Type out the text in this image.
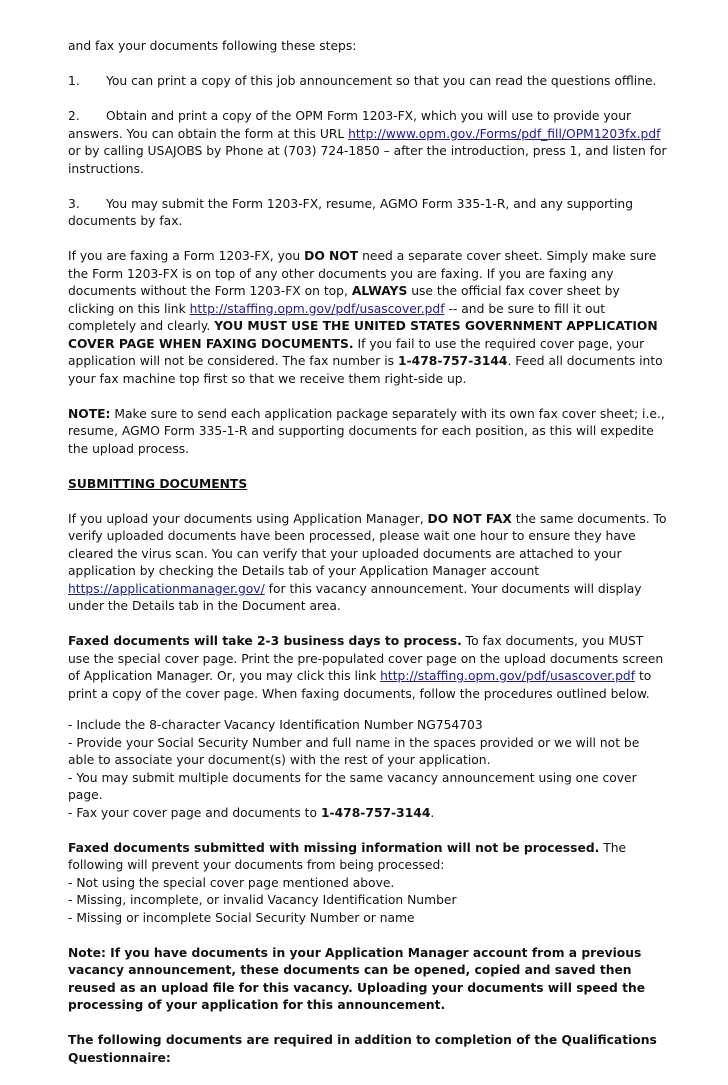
and fax your documents following these steps:

1. You can print a copy of this job announcement so that you can read the questions offline.

2. Obtain and print a copy of the OPM Form 1203-FX, which you will use to provide your answers. You can obtain the form at this URL http://www.opm.gov./Forms/pdf_fill/OPM1203fx.pdf or by calling USAJOBS by Phone at (703) 724-1850 – after the introduction, press 1, and listen for instructions.

3. You may submit the Form 1203-FX, resume, AGMO Form 335-1-R, and any supporting documents by fax.

If you are faxing a Form 1203-FX, you DO NOT need a separate cover sheet. Simply make sure the Form 1203-FX is on top of any other documents you are faxing. If you are faxing any documents without the Form 1203-FX on top, ALWAYS use the official fax cover sheet by clicking on this link http://staffing.opm.gov/pdf/usascover.pdf -- and be sure to fill it out completely and clearly. YOU MUST USE THE UNITED STATES GOVERNMENT APPLICATION COVER PAGE WHEN FAXING DOCUMENTS. If you fail to use the required cover page, your application will not be considered. The fax number is 1-478-757-3144. Feed all documents into your fax machine top first so that we receive them right-side up.

NOTE: Make sure to send each application package separately with its own fax cover sheet; i.e., resume, AGMO Form 335-1-R and supporting documents for each position, as this will expedite the upload process.

SUBMITTING DOCUMENTS

If you upload your documents using Application Manager, DO NOT FAX the same documents. To verify uploaded documents have been processed, please wait one hour to ensure they have cleared the virus scan. You can verify that your uploaded documents are attached to your application by checking the Details tab of your Application Manager account https://applicationmanager.gov/ for this vacancy announcement. Your documents will display under the Details tab in the Document area.

Faxed documents will take 2-3 business days to process. To fax documents, you MUST use the special cover page. Print the pre-populated cover page on the upload documents screen of Application Manager. Or, you may click this link http://staffing.opm.gov/pdf/usascover.pdf to print a copy of the cover page. When faxing documents, follow the procedures outlined below.

- Include the 8-character Vacancy Identification Number NG754703
- Provide your Social Security Number and full name in the spaces provided or we will not be able to associate your document(s) with the rest of your application.
- You may submit multiple documents for the same vacancy announcement using one cover page.
- Fax your cover page and documents to 1-478-757-3144.

Faxed documents submitted with missing information will not be processed. The following will prevent your documents from being processed:
- Not using the special cover page mentioned above.
- Missing, incomplete, or invalid Vacancy Identification Number
- Missing or incomplete Social Security Number or name

Note: If you have documents in your Application Manager account from a previous vacancy announcement, these documents can be opened, copied and saved then reused as an upload file for this vacancy. Uploading your documents will speed the processing of your application for this announcement.

The following documents are required in addition to completion of the Qualifications Questionnaire:
